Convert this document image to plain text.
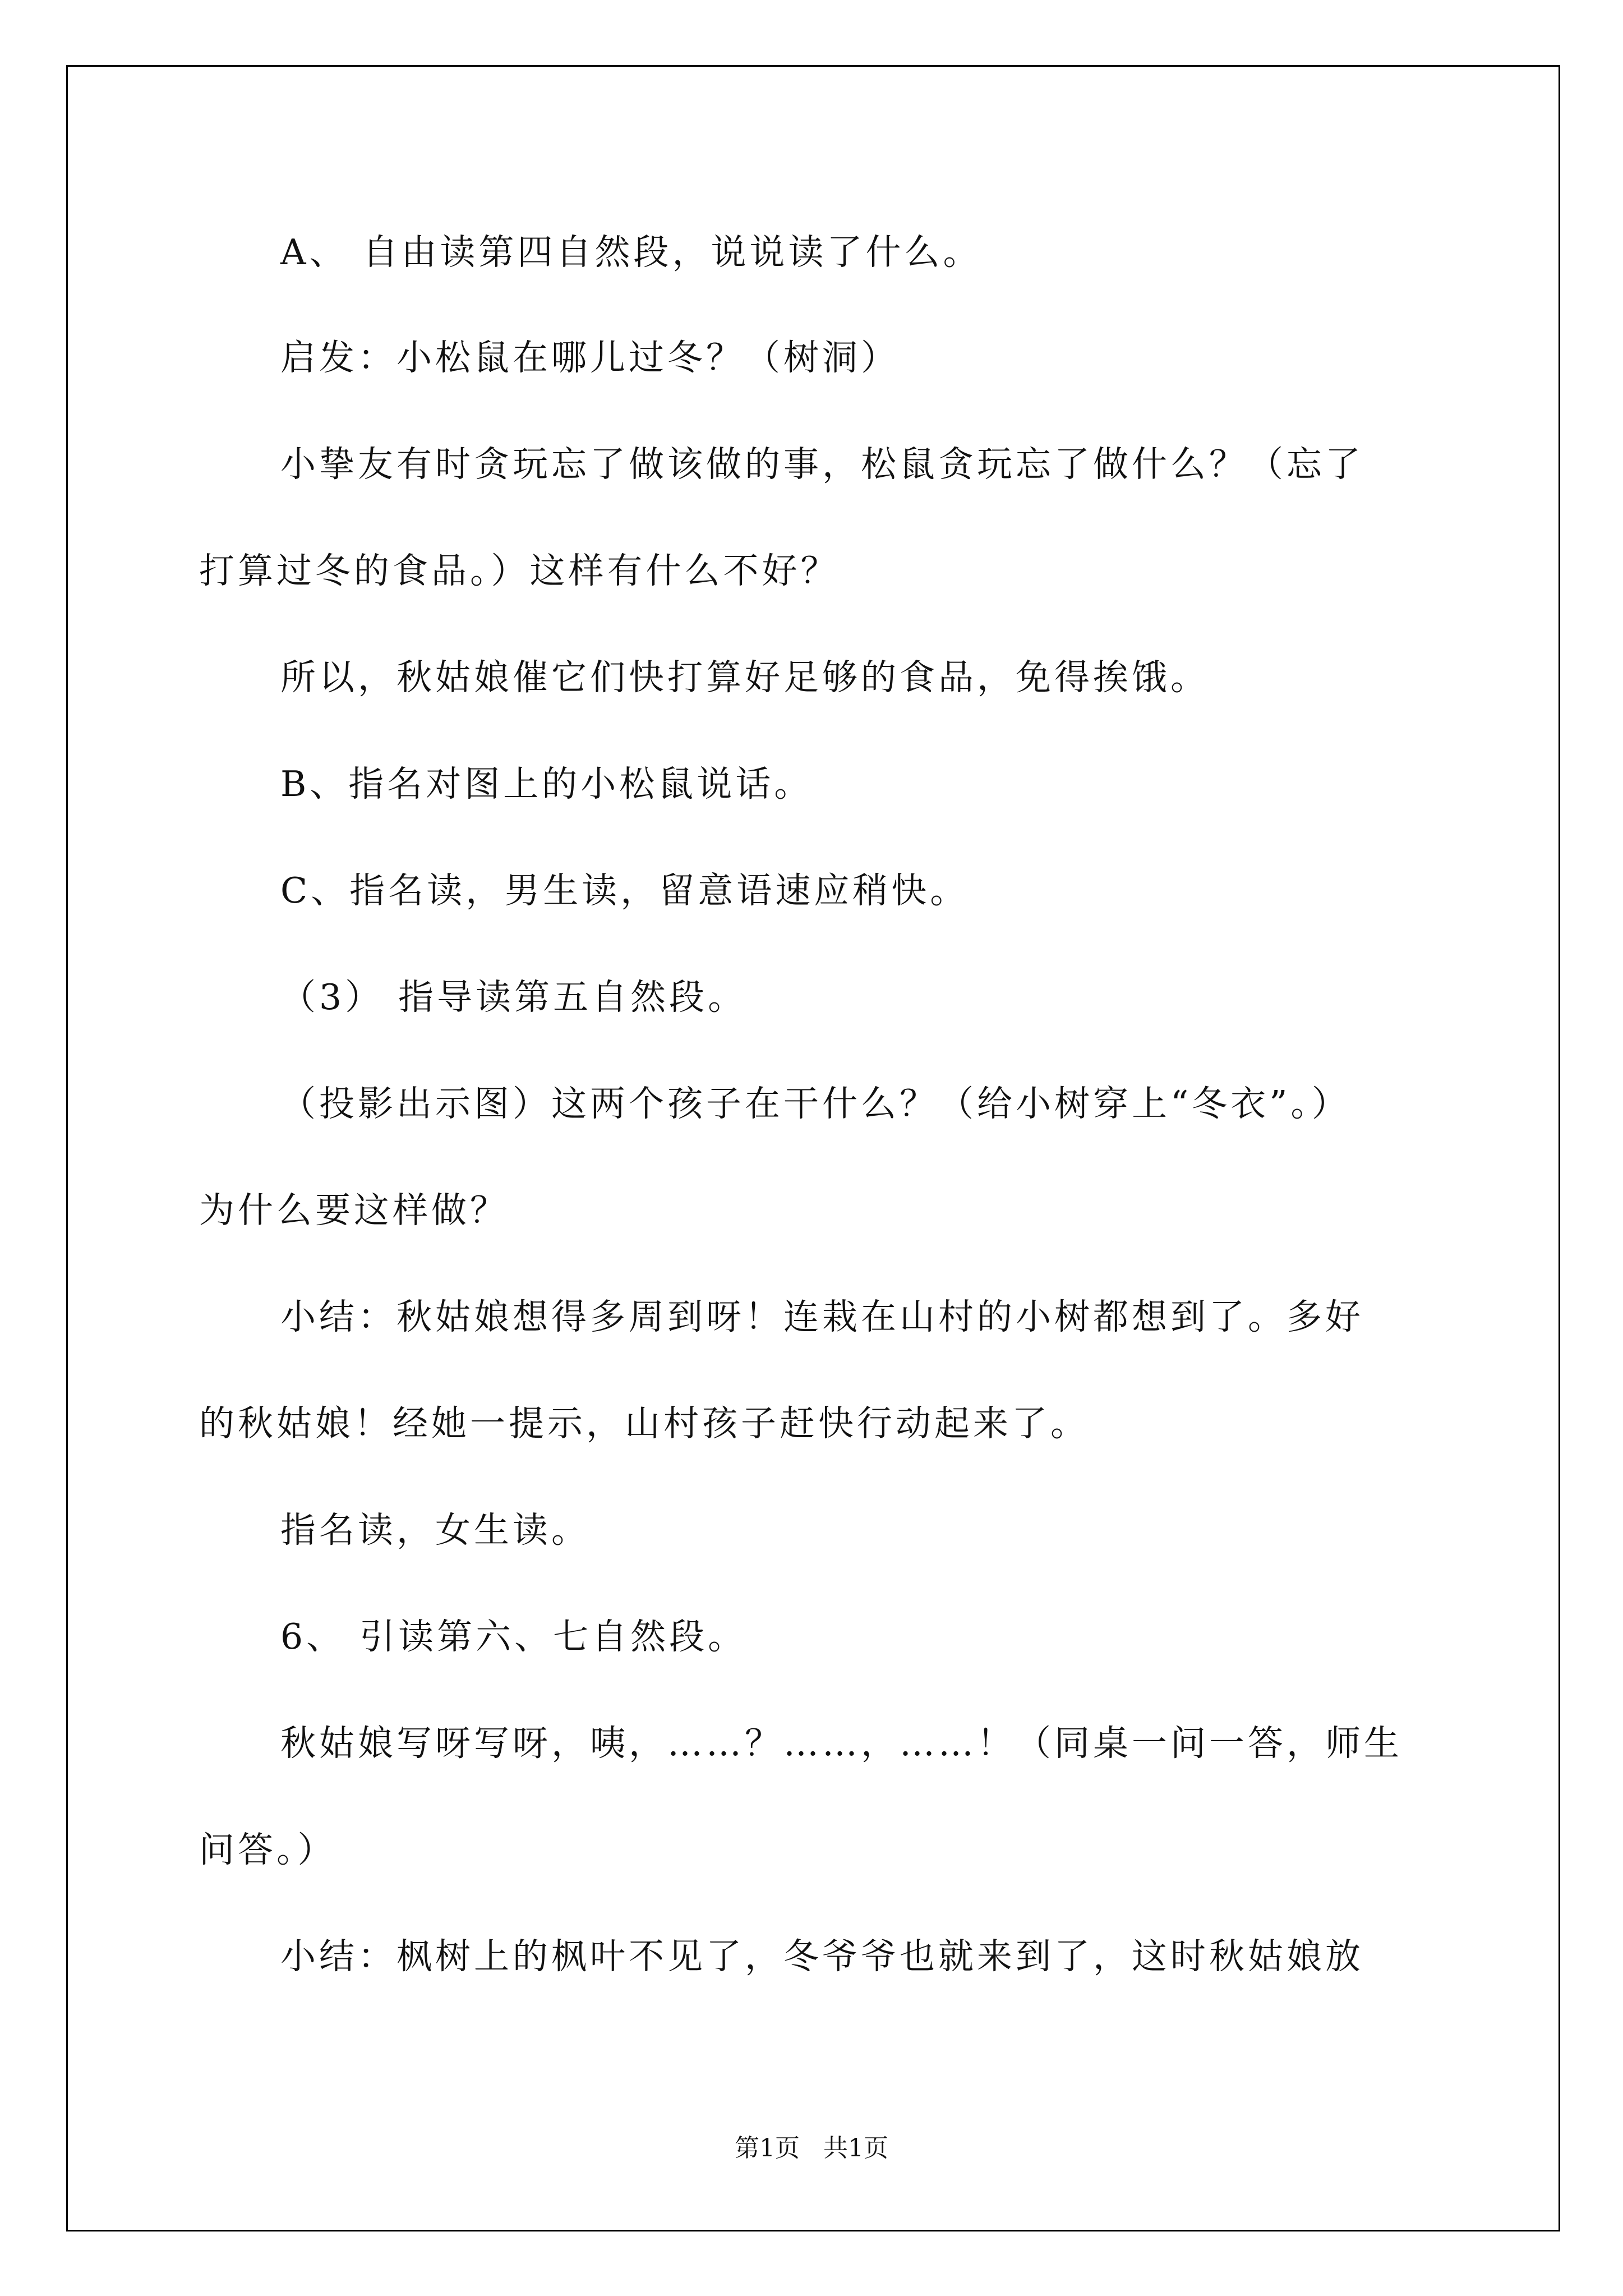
A、 自由读第四自然段，说说读了什么。
启发：小松鼠在哪儿过冬？（树洞）
小挚友有时贪玩忘了做该做的事，松鼠贪玩忘了做什么？（忘了
打算过冬的食品。）这样有什么不好？
所以，秋姑娘催它们快打算好足够的食品，免得挨饿。
B、指名对图上的小松鼠说话。
C、指名读，男生读，留意语速应稍快。
（3） 指导读第五自然段。
（投影出示图）这两个孩子在干什么？（给小树穿上“冬衣”。）
为什么要这样做？
小结：秋姑娘想得多周到呀！连栽在山村的小树都想到了。多好
的秋姑娘！经她一提示，山村孩子赶快行动起来了。
指名读，女生读。
6、 引读第六、七自然段。
秋姑娘写呀写呀，咦，……？……，……！（同桌一问一答，师生
问答。）
小结：枫树上的枫叶不见了，冬爷爷也就来到了，这时秋姑娘放
第1页 共1页
